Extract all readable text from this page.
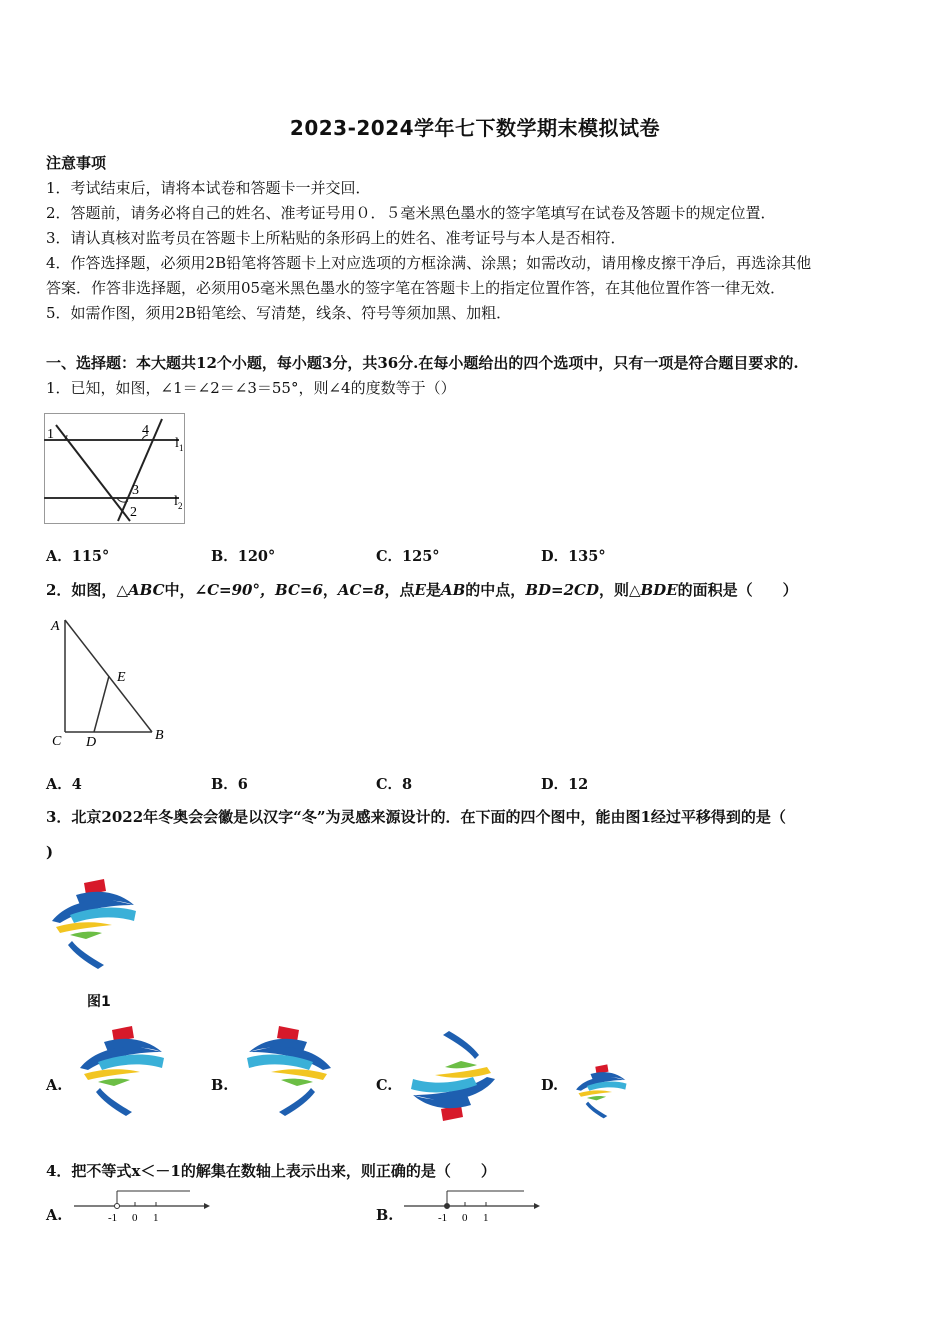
2023-2024学年七下数学期末模拟试卷
注意事项
1．考试结束后，请将本试卷和答题卡一并交回．
2．答题前，请务必将自己的姓名、准考证号用０．５毫米黑色墨水的签字笔填写在试卷及答题卡的规定位置．
3．请认真核对监考员在答题卡上所粘贴的条形码上的姓名、准考证号与本人是否相符．
4．作答选择题，必须用2B铅笔将答题卡上对应选项的方框涂满、涂黑；如需改动，请用橡皮擦干净后，再选涂其他
答案．作答非选择题，必须用05毫米黑色墨水的签字笔在答题卡上的指定位置作答，在其他位置作答一律无效．
5．如需作图，须用2B铅笔绘、写清楚，线条、符号等须加黑、加粗．
一、选择题：本大题共12个小题，每小题3分，共36分.在每小题给出的四个选项中，只有一项是符合题目要求的.
1．已知，如图，∠1＝∠2＝∠3＝55°，则∠4的度数等于（）
1	4
3
2
l 1
l 2
A．115°	B．120°	C．125°	D．135°
2．如图，△ABC中，∠C=90°，BC=6，AC=8，点E是AB的中点，BD=2CD，则△BDE的面积是（　　）
A
C D	B
E
A．4	B．6	C．8	D．12
3．北京2022年冬奥会会徽是以汉字“冬”为灵感来源设计的．在下面的四个图中，能由图1经过平移得到的是（
)
图1
A.	B.	C.	D.
4．把不等式x＜－1的解集在数轴上表示出来，则正确的是（　　）
A.	-1 0 1	B.	-1 0 1
